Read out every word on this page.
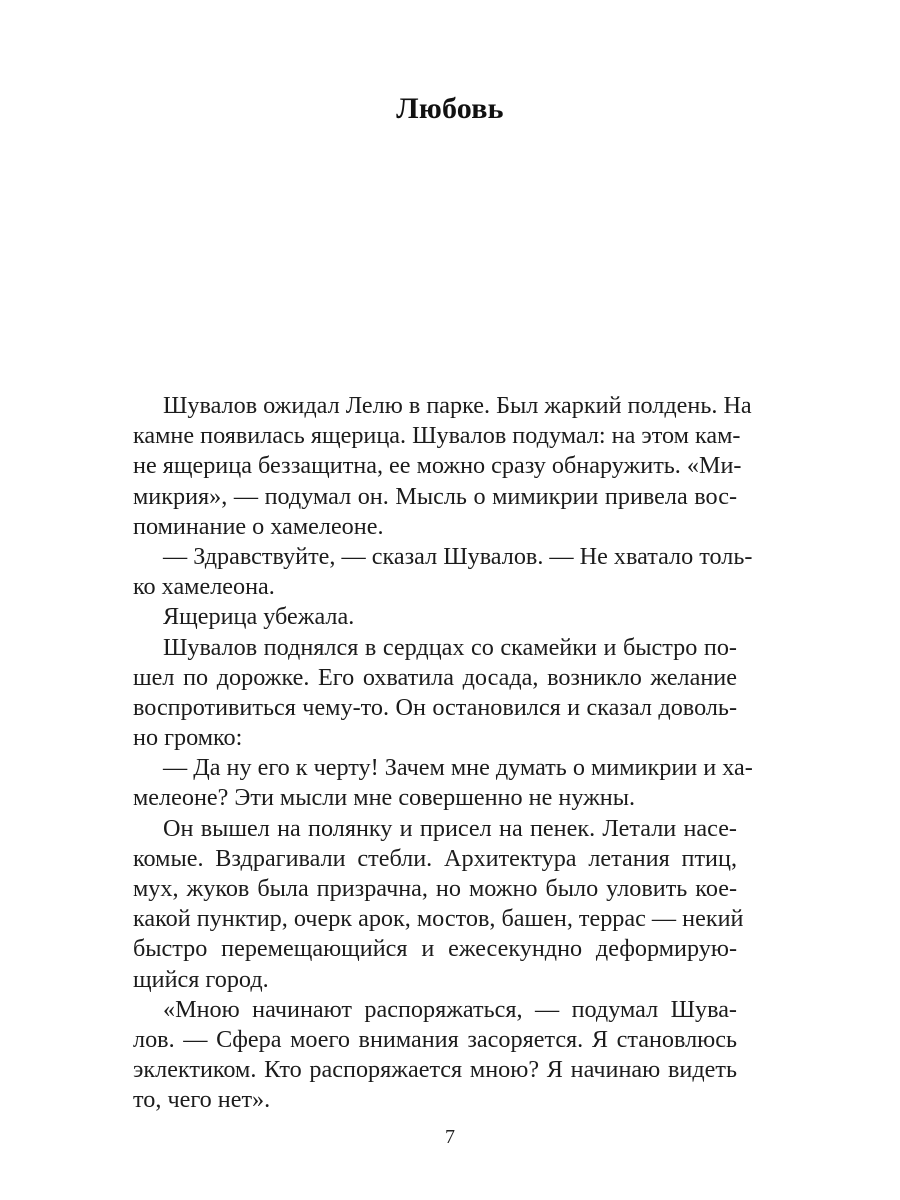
Любовь
Шувалов ожидал Лелю в парке. Был жаркий полдень. На
камне появилась ящерица. Шувалов подумал: на этом кам-
не ящерица беззащитна, ее можно сразу обнаружить. «Ми-
микрия», — подумал он. Мысль о мимикрии привела вос-
поминание о хамелеоне.
— Здравствуйте, — сказал Шувалов. — Не хватало толь-
ко хамелеона.
Ящерица убежала.
Шувалов поднялся в сердцах со скамейки и быстро по-
шел по дорожке. Его охватила досада, возникло желание
воспротивиться чему-то. Он остановился и сказал доволь-
но громко:
— Да ну его к черту! Зачем мне думать о мимикрии и ха-
мелеоне? Эти мысли мне совершенно не нужны.
Он вышел на полянку и присел на пенек. Летали насе-
комые. Вздрагивали стебли. Архитектура летания птиц,
мух, жуков была призрачна, но можно было уловить кое-
какой пунктир, очерк арок, мостов, башен, террас — некий
быстро перемещающийся и ежесекундно деформирую-
щийся город.
«Мною начинают распоряжаться, — подумал Шува-
лов. — Сфера моего внимания засоряется. Я становлюсь
эклектиком. Кто распоряжается мною? Я начинаю видеть
то, чего нет».
7
